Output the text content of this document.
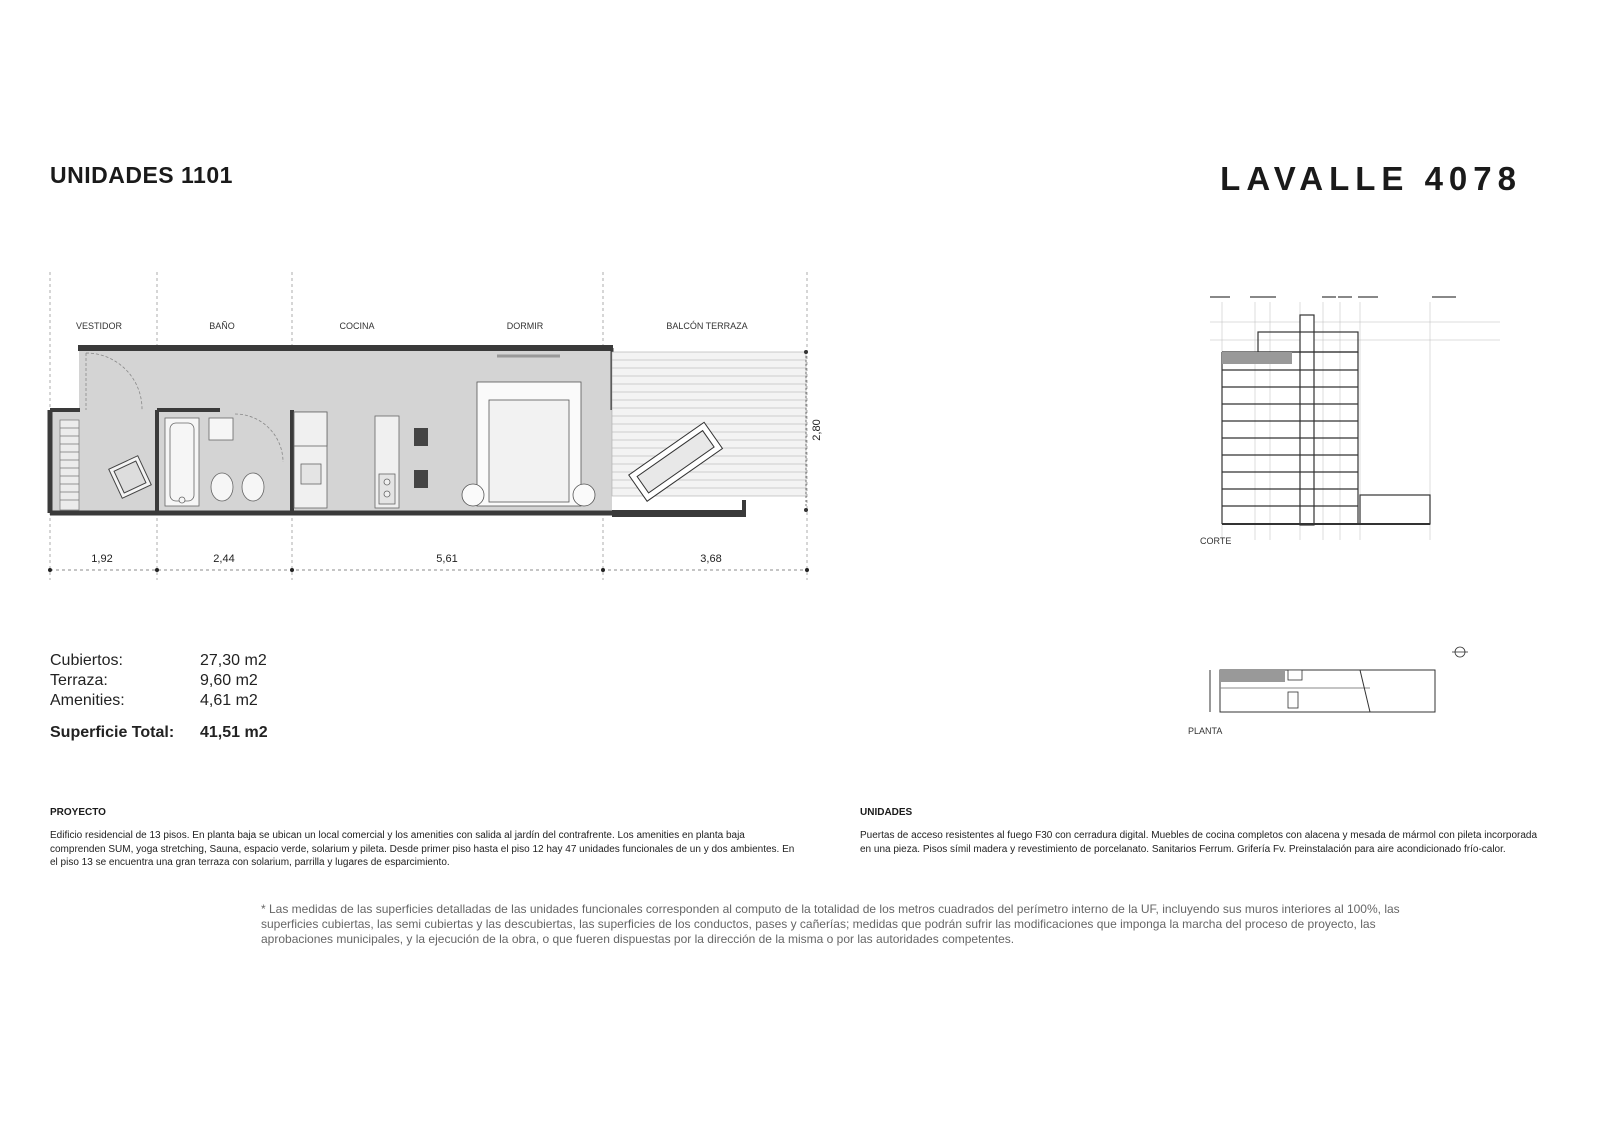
UNIDADES 1101	LAVALLE 4078
VESTIDOR	BAÑO	COCINA	DORMIR	BALCÓN TERRAZA
2,80
1,92	2,44	5,61	3,68
CORTE
PLANTA
Cubiertos:	27,30 m2
Terraza:	9,60 m2
Amenities:	4,61 m2
Superficie Total:	41,51 m2
PROYECTO
Edificio residencial de 13 pisos. En planta baja se ubican un local comercial y los amenities con salida al jardín del contrafrente. Los amenities en planta baja comprenden SUM, yoga stretching, Sauna, espacio verde, solarium y pileta. Desde primer piso hasta el piso 12 hay 47 unidades funcionales de un y dos ambientes. En el piso 13 se encuentra una gran terraza con solarium, parrilla y lugares de esparcimiento.
UNIDADES
Puertas de acceso resistentes al fuego F30 con cerradura digital. Muebles de cocina completos con alacena y mesada de mármol con pileta incorporada en una pieza. Pisos símil madera y revestimiento de porcelanato. Sanitarios Ferrum. Grifería Fv. Preinstalación para aire acondicionado frío-calor.
* Las medidas de las superficies detalladas de las unidades funcionales corresponden al computo de la totalidad de los metros cuadrados del perímetro interno de la UF, incluyendo sus muros interiores al 100%, las superficies cubiertas, las semi cubiertas y las descubiertas, las superficies de los conductos, pases y cañerías; medidas que podrán sufrir las modificaciones que imponga la marcha del proceso de proyecto, las aprobaciones municipales, y la ejecución de la obra, o que fueren dispuestas por la dirección de la misma o por las autoridades competentes.
